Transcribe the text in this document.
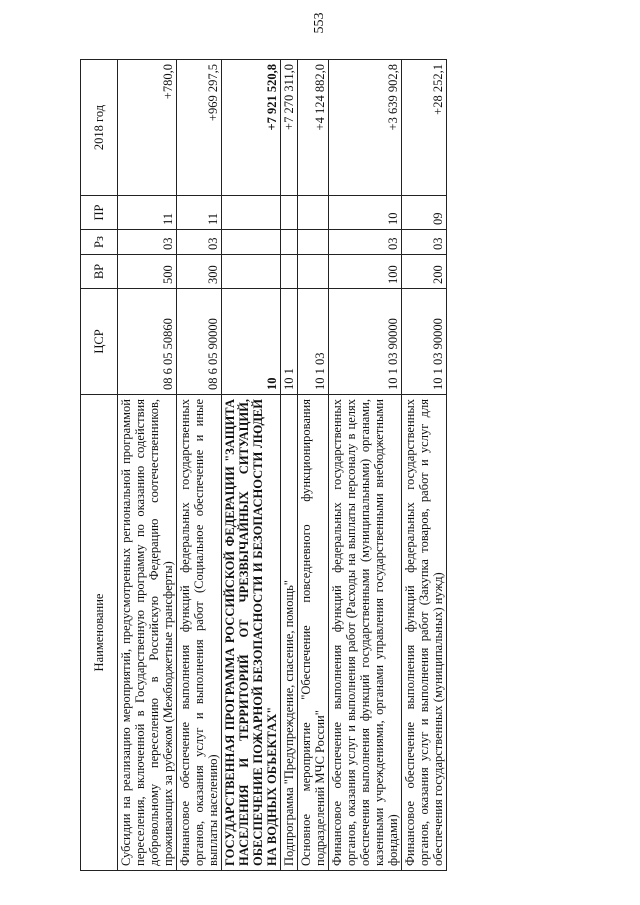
553
Наименование	ЦСР	ВР	Рз	ПР	2018 год
Субсидии на реализацию мероприятий, предусмотренных региональной программой переселения, включенной в Государственную программу по оказанию содействия добровольному переселению в Российскую Федерацию соотечественников, проживающих за рубежом (Межбюджетные трансферты)	08 6 05 50860	500	03	11	+780,0
Финансовое обеспечение выполнения функций федеральных государственных органов, оказания услуг и выполнения работ (Социальное обеспечение и иные выплаты населению)	08 6 05 90000	300	03	11	+969 297,5
ГОСУДАРСТВЕННАЯ ПРОГРАММА РОССИЙСКОЙ ФЕДЕРАЦИИ "ЗАЩИТА НАСЕЛЕНИЯ И ТЕРРИТОРИЙ ОТ ЧРЕЗВЫЧАЙНЫХ СИТУАЦИЙ, ОБЕСПЕЧЕНИЕ ПОЖАРНОЙ БЕЗОПАСНОСТИ И БЕЗОПАСНОСТИ ЛЮДЕЙ НА ВОДНЫХ ОБЪЕКТАХ"	10				+7 921 520,8
Подпрограмма "Предупреждение, спасение, помощь"	10 1				+7 270 311,0
Основное мероприятие "Обеспечение повседневного функционирования подразделений МЧС России"	10 1 03				+4 124 882,0
Финансовое обеспечение выполнения функций федеральных государственных органов, оказания услуг и выполнения работ (Расходы на выплаты персоналу в целях обеспечения выполнения функций государственными (муниципальными) органами, казенными учреждениями, органами управления государственными внебюджетными фондами)	10 1 03 90000	100	03	10	+3 639 902,8
Финансовое обеспечение выполнения функций федеральных государственных органов, оказания услуг и выполнения работ (Закупка товаров, работ и услуг для обеспечения государственных (муниципальных) нужд)	10 1 03 90000	200	03	09	+28 252,1
